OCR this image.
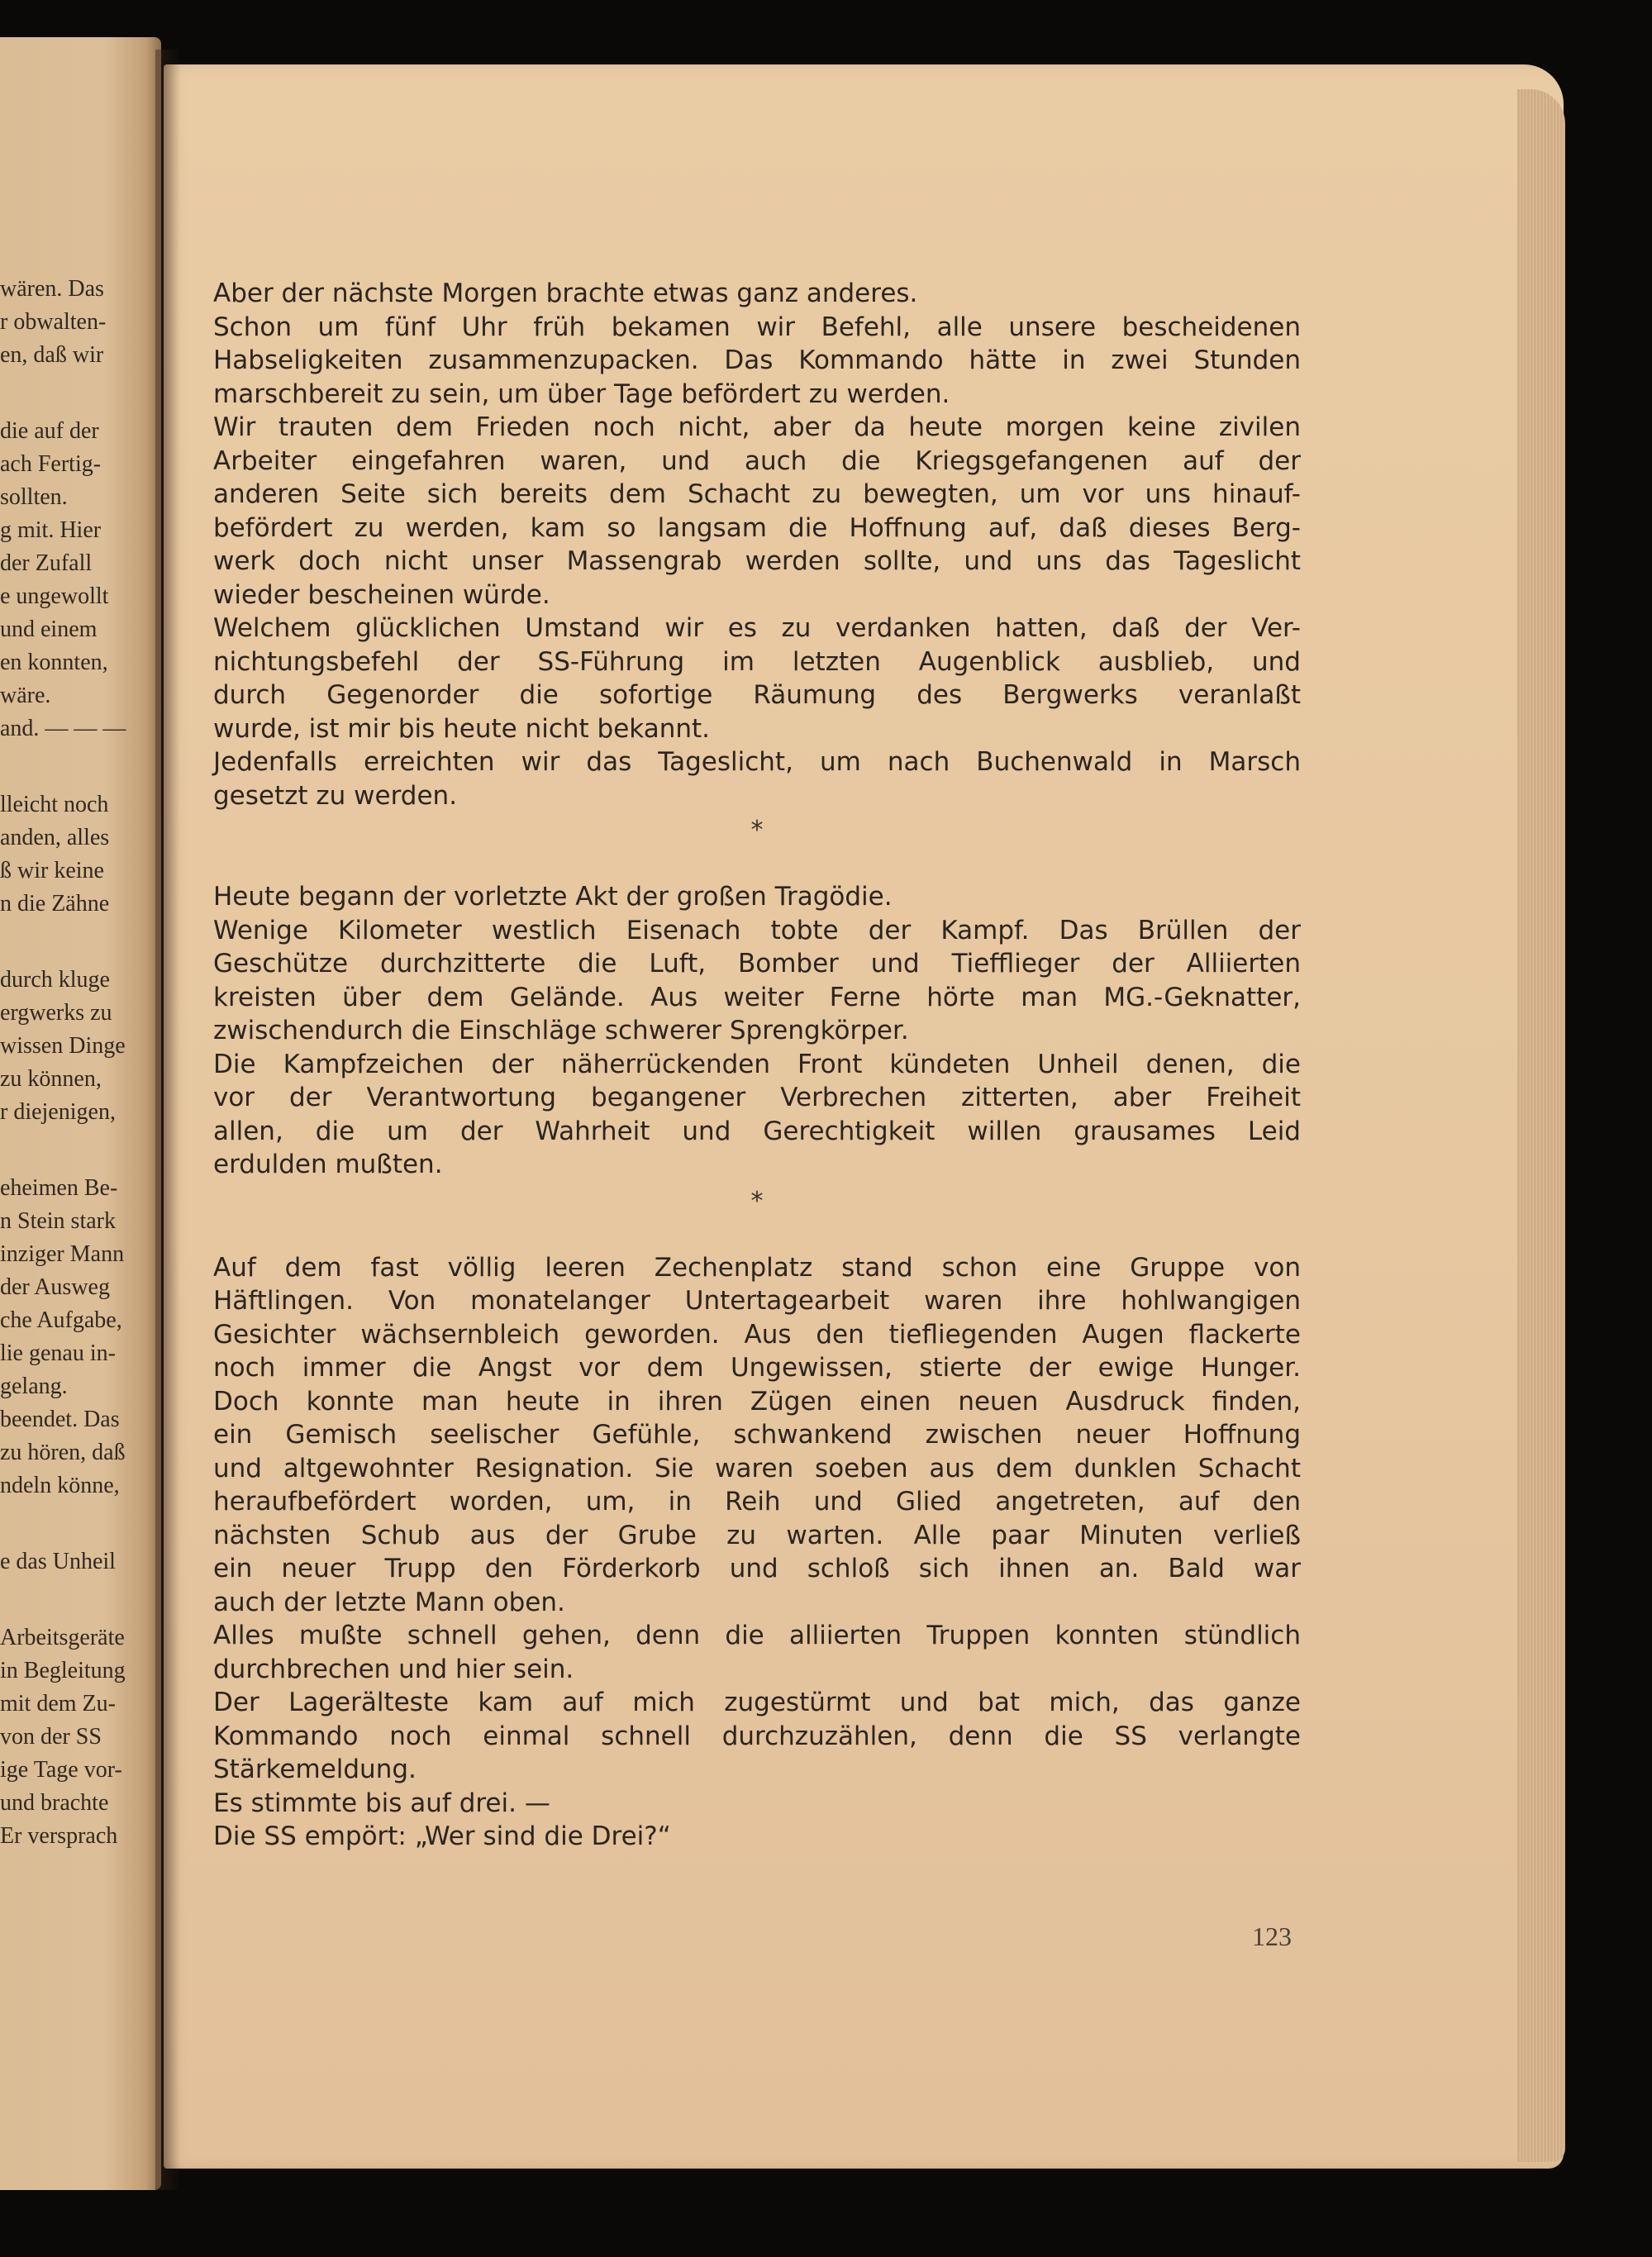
wären. Das
r obwalten-
en, daß wir
die auf der
ach Fertig-
sollten.
g mit. Hier
der Zufall
e ungewollt
und einem
en konnten,
wäre.
and. — — —
lleicht noch
anden, alles
ß wir keine
n die Zähne
durch kluge
ergwerks zu
wissen Dinge
zu können,
r diejenigen,
eheimen Be-
n Stein stark
inziger Mann
der Ausweg
che Aufgabe,
lie genau in-
gelang.
beendet. Das
zu hören, daß
ndeln könne,
e das Unheil
Arbeitsgeräte
in Begleitung
mit dem Zu-
von der SS
ige Tage vor-
und brachte
Er versprach
Aber der nächste Morgen brachte etwas ganz anderes.
Schon um fünf Uhr früh bekamen wir Befehl, alle unsere bescheidenen
Habseligkeiten zusammenzupacken. Das Kommando hätte in zwei Stunden
marschbereit zu sein, um über Tage befördert zu werden.
Wir trauten dem Frieden noch nicht, aber da heute morgen keine zivilen
Arbeiter eingefahren waren, und auch die Kriegsgefangenen auf der
anderen Seite sich bereits dem Schacht zu bewegten, um vor uns hinauf-
befördert zu werden, kam so langsam die Hoffnung auf, daß dieses Berg-
werk doch nicht unser Massengrab werden sollte, und uns das Tageslicht
wieder bescheinen würde.
Welchem glücklichen Umstand wir es zu verdanken hatten, daß der Ver-
nichtungsbefehl der SS-Führung im letzten Augenblick ausblieb, und
durch Gegenorder die sofortige Räumung des Bergwerks veranlaßt
wurde, ist mir bis heute nicht bekannt.
Jedenfalls erreichten wir das Tageslicht, um nach Buchenwald in Marsch
gesetzt zu werden.
*
Heute begann der vorletzte Akt der großen Tragödie.
Wenige Kilometer westlich Eisenach tobte der Kampf. Das Brüllen der
Geschütze durchzitterte die Luft, Bomber und Tiefflieger der Alliierten
kreisten über dem Gelände. Aus weiter Ferne hörte man MG.-Geknatter,
zwischendurch die Einschläge schwerer Sprengkörper.
Die Kampfzeichen der näherrückenden Front kündeten Unheil denen, die
vor der Verantwortung begangener Verbrechen zitterten, aber Freiheit
allen, die um der Wahrheit und Gerechtigkeit willen grausames Leid
erdulden mußten.
*
Auf dem fast völlig leeren Zechenplatz stand schon eine Gruppe von
Häftlingen. Von monatelanger Untertagearbeit waren ihre hohlwangigen
Gesichter wächsernbleich geworden. Aus den tiefliegenden Augen flackerte
noch immer die Angst vor dem Ungewissen, stierte der ewige Hunger.
Doch konnte man heute in ihren Zügen einen neuen Ausdruck finden,
ein Gemisch seelischer Gefühle, schwankend zwischen neuer Hoffnung
und altgewohnter Resignation. Sie waren soeben aus dem dunklen Schacht
heraufbefördert worden, um, in Reih und Glied angetreten, auf den
nächsten Schub aus der Grube zu warten. Alle paar Minuten verließ
ein neuer Trupp den Förderkorb und schloß sich ihnen an. Bald war
auch der letzte Mann oben.
Alles mußte schnell gehen, denn die alliierten Truppen konnten stündlich
durchbrechen und hier sein.
Der Lagerälteste kam auf mich zugestürmt und bat mich, das ganze
Kommando noch einmal schnell durchzuzählen, denn die SS verlangte
Stärkemeldung.
Es stimmte bis auf drei. —
Die SS empört: „Wer sind die Drei?“
123
